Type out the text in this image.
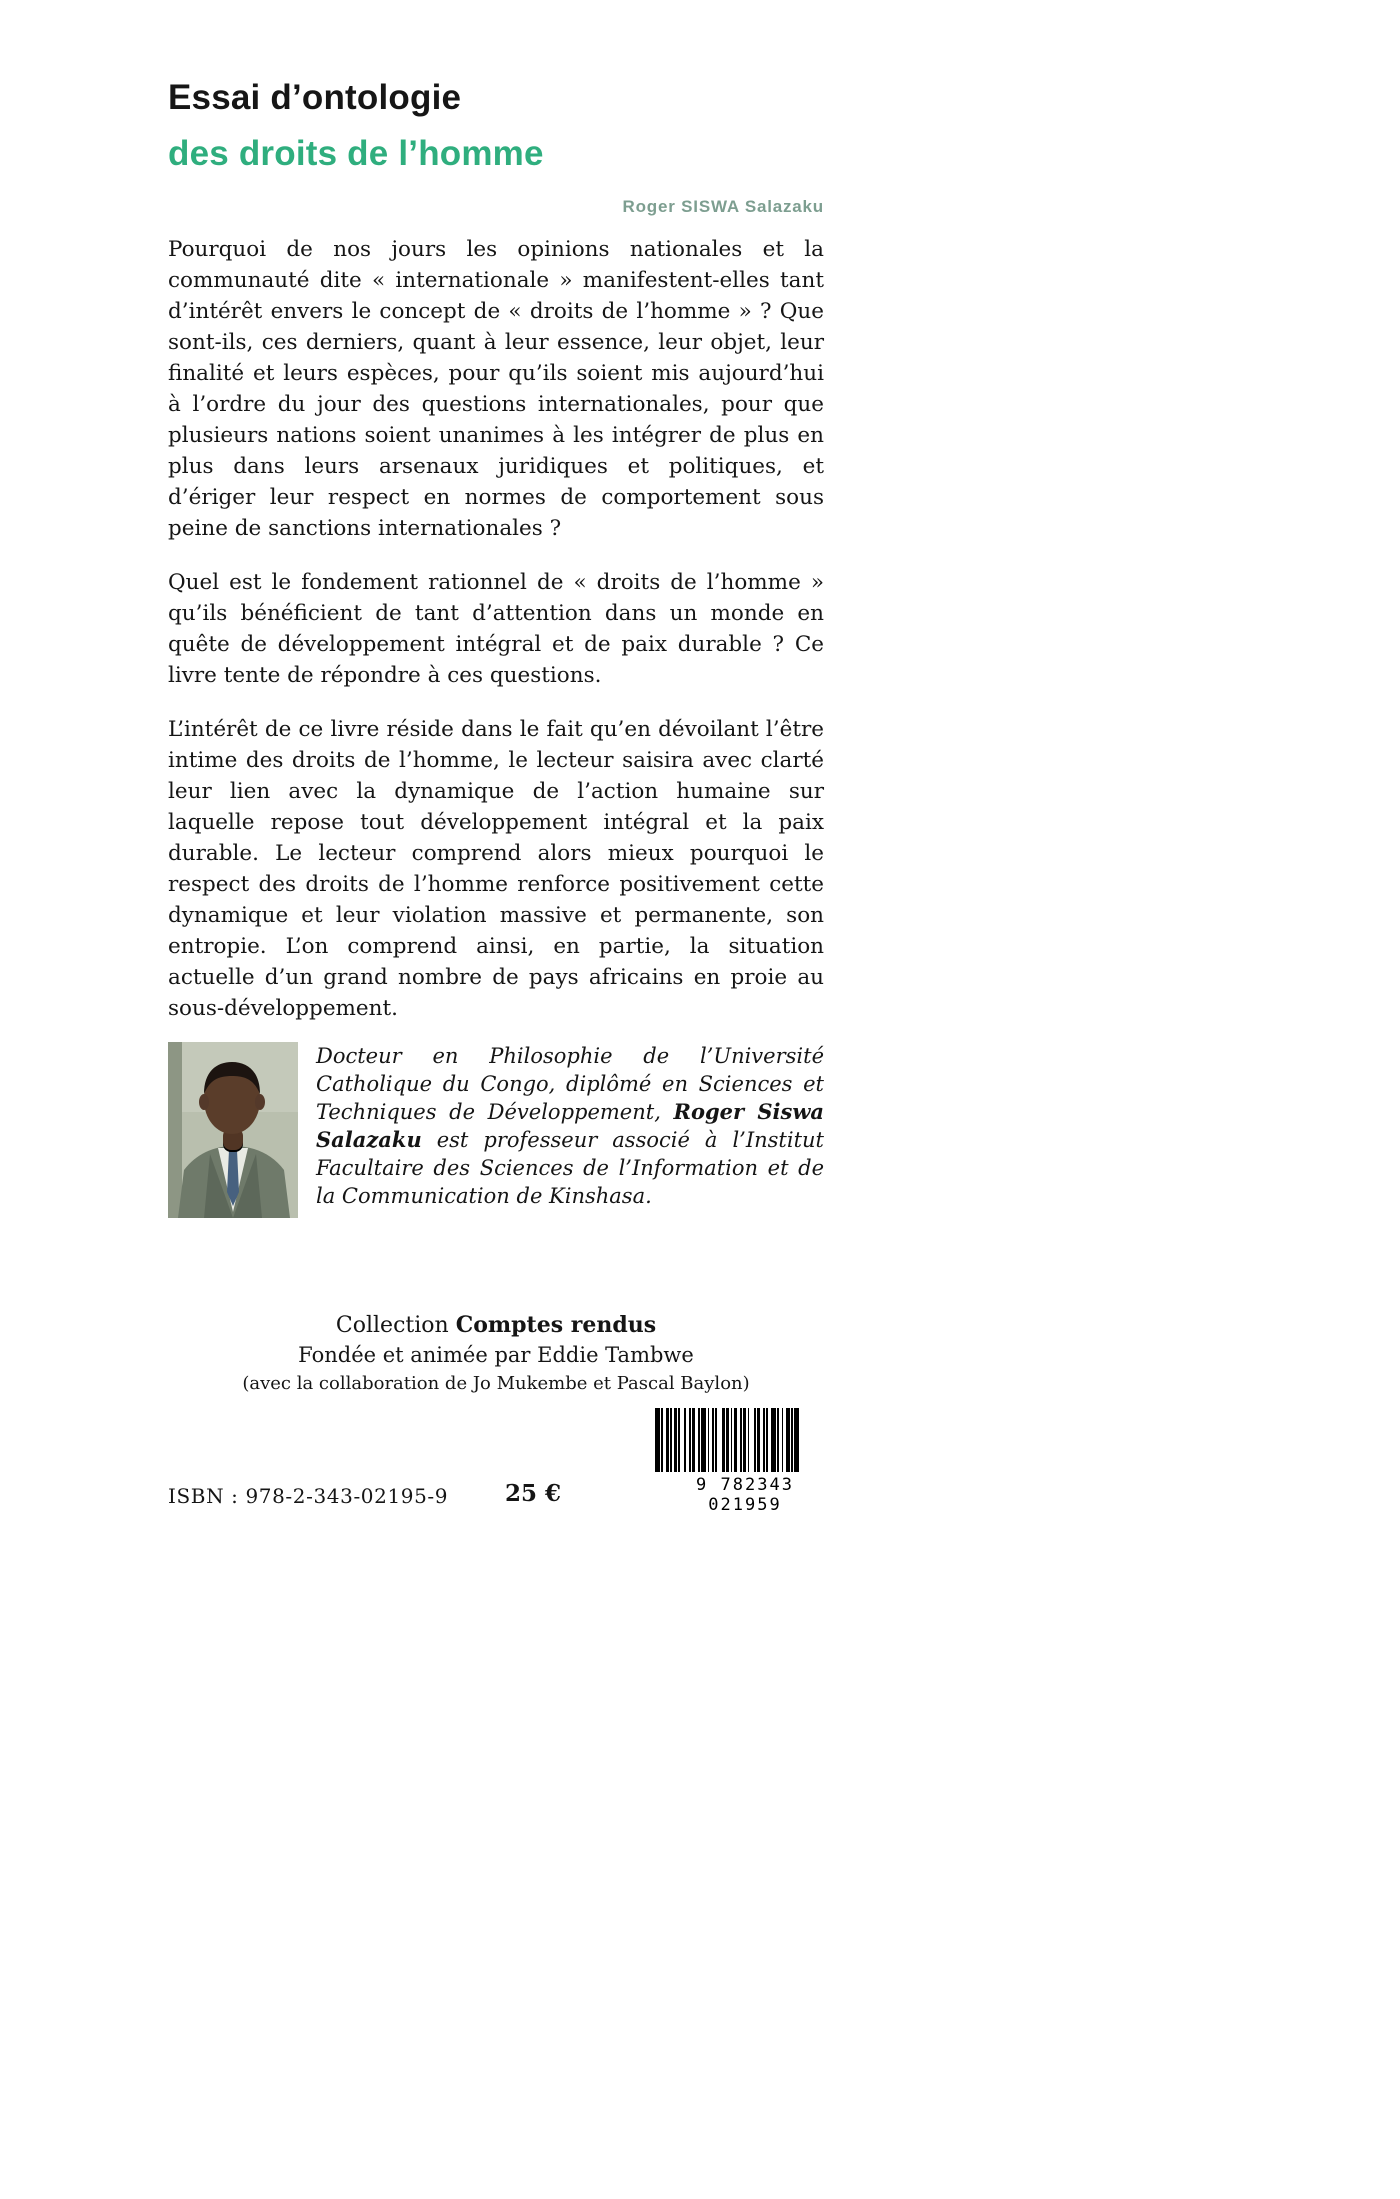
Essai d’ontologie
des droits de l’homme
Roger SISWA Salazaku

Pourquoi de nos jours les opinions nationales et la communauté dite « internationale » manifestent-elles tant d’intérêt envers le concept de « droits de l’homme » ? Que sont-ils, ces derniers, quant à leur essence, leur objet, leur finalité et leurs espèces, pour qu’ils soient mis aujourd’hui à l’ordre du jour des questions internationales, pour que plusieurs nations soient unanimes à les intégrer de plus en plus dans leurs arsenaux juridiques et politiques, et d’ériger leur respect en normes de comportement sous peine de sanctions internationales ?

Quel est le fondement rationnel de « droits de l’homme » qu’ils bénéficient de tant d’attention dans un monde en quête de développement intégral et de paix durable ? Ce livre tente de répondre à ces questions.

L’intérêt de ce livre réside dans le fait qu’en dévoilant l’être intime des droits de l’homme, le lecteur saisira avec clarté leur lien avec la dynamique de l’action humaine sur laquelle repose tout développement intégral et la paix durable. Le lecteur comprend alors mieux pourquoi le respect des droits de l’homme renforce positivement cette dynamique et leur violation massive et permanente, son entropie. L’on comprend ainsi, en partie, la situation actuelle d’un grand nombre de pays africains en proie au sous-développement.

Docteur en Philosophie de l’Université Catholique du Congo, diplômé en Sciences et Techniques de Développement, Roger Siswa Salazaku est professeur associé à l’Institut Facultaire des Sciences de l’Information et de la Communication de Kinshasa.
Collection Comptes rendus
Fondée et animée par Eddie Tambwe
(avec la collaboration de Jo Mukembe et Pascal Baylon)
9 782343 021959
ISBN : 978-2-343-02195-9 25 €
